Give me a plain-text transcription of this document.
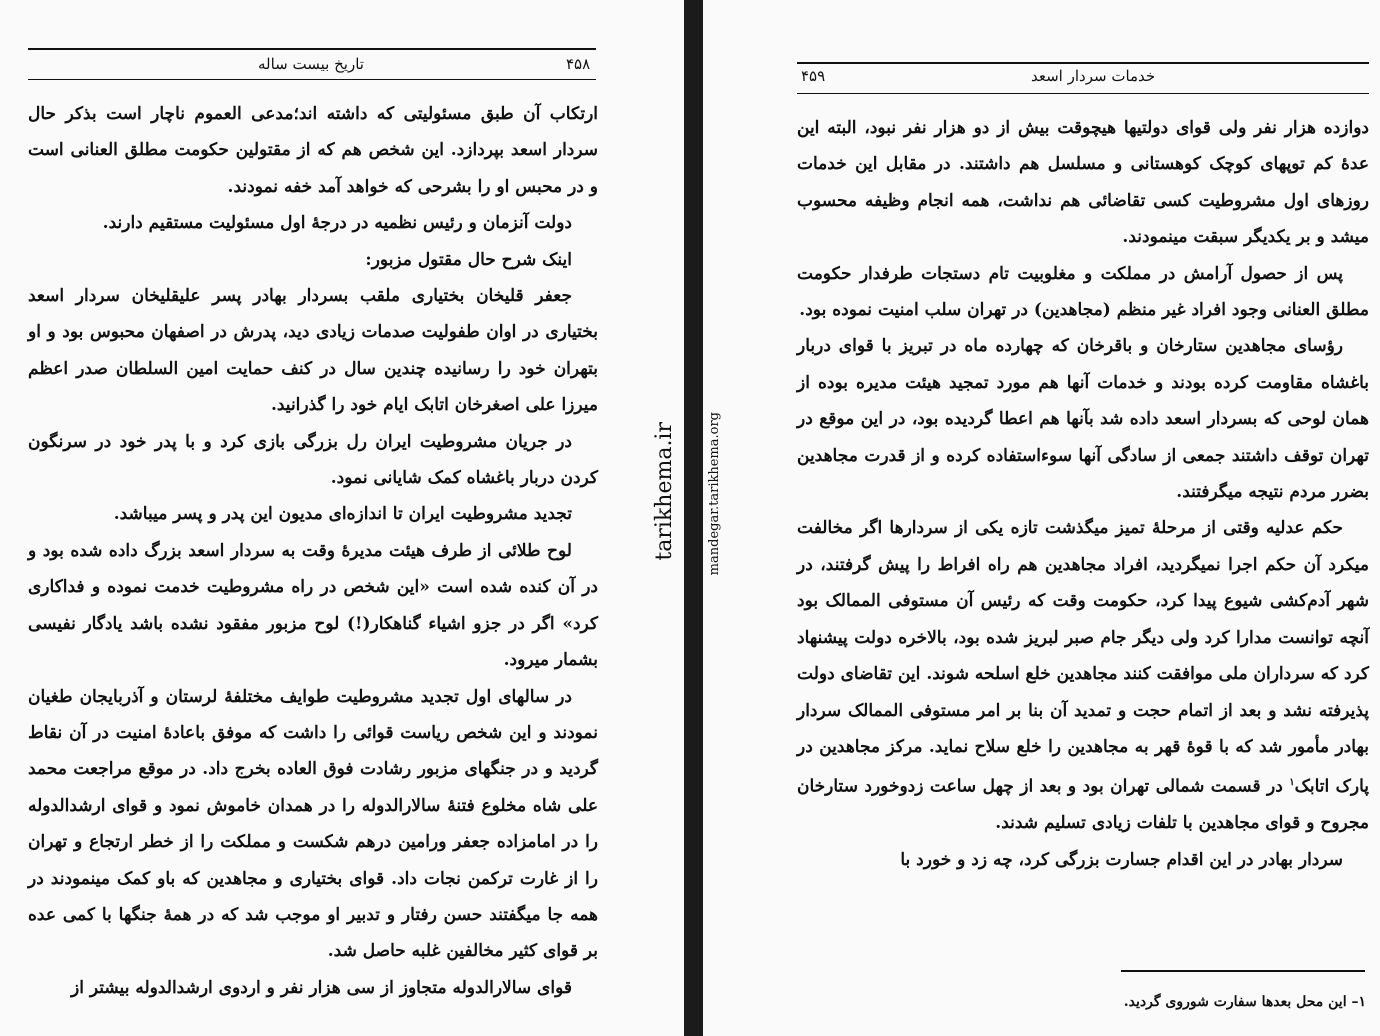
تاریخ بیست ساله	۴۵۸

ارتکاب آن طبق مسئولیتی که داشته اند؛مدعی العموم ناچار است بذکر حال سردار اسعد بپردازد. این شخص هم که از مقتولین حکومت مطلق العنانی است و در محبس او را بشرحی که خواهد آمد خفه نمودند.

دولت آنزمان و رئیس نظمیه در درجهٔ اول مسئولیت مستقیم دارند.

اینک شرح حال مقتول مزبور:

جعفر قلیخان بختیاری ملقب بسردار بهادر پسر علیقلیخان سردار اسعد بختیاری در اوان طفولیت صدمات زیادی دید، پدرش در اصفهان محبوس بود و او بتهران خود را رسانیده چندین سال در کنف حمایت امین السلطان صدر اعظم میرزا علی اصغرخان اتابک ایام خود را گذرانید.

در جریان مشروطیت ایران رل بزرگی بازی کرد و با پدر خود در سرنگون کردن دربار باغشاه کمک شایانی نمود.

تجدید مشروطیت ایران تا اندازه‌ای مدیون این پدر و پسر میباشد.

لوح طلائی از طرف هیئت مدیرهٔ وقت به سردار اسعد بزرگ داده شده بود و در آن کنده شده است «این شخص در راه مشروطیت خدمت نموده و فداکاری کرد» اگر در جزو اشیاء گناهکار(!) لوح مزبور مفقود نشده باشد یادگار نفیسی بشمار میرود.

در سالهای اول تجدید مشروطیت طوایف مختلفهٔ لرستان و آذربایجان طغیان نمودند و این شخص ریاست قوائی را داشت که موفق باعادهٔ امنیت در آن نقاط گردید و در جنگهای مزبور رشادت فوق العاده بخرج داد. در موقع مراجعت محمد علی شاه مخلوع فتنهٔ سالارالدوله را در همدان خاموش نمود و قوای ارشدالدوله را در امامزاده جعفر ورامین درهم شکست و مملکت را از خطر ارتجاع و تهران را از غارت ترکمن نجات داد. قوای بختیاری و مجاهدین که باو کمک مینمودند در همه جا میگفتند حسن رفتار و تدبیر او موجب شد که در همهٔ جنگها با کمی عده بر قوای کثیر مخالفین غلبه حاصل شد.

قوای سالارالدوله متجاوز از سی هزار نفر و اردوی ارشدالدوله بیشتر از

tarikhema.ir mandegar.tarikhema.org
۴۵۹	خدمات سردار اسعد

دوازده هزار نفر ولی قوای دولتیها هیچوقت بیش از دو هزار نفر نبود، البته این عدهٔ کم توپهای کوچک کوهستانی و مسلسل هم داشتند. در مقابل این خدمات روزهای اول مشروطیت کسی تقاضائی هم نداشت، همه انجام وظیفه محسوب میشد و بر یکدیگر سبقت مینمودند.

پس از حصول آرامش در مملکت و مغلوبیت تام دستجات طرفدار حکومت مطلق العنانی وجود افراد غیر منظم (مجاهدین) در تهران سلب امنیت نموده بود.

رؤسای مجاهدین ستارخان و باقرخان که چهارده ماه در تبریز با قوای دربار باغشاه مقاومت کرده بودند و خدمات آنها هم مورد تمجید هیئت مدیره بوده از همان لوحی که بسردار اسعد داده شد بآنها هم اعطا گردیده بود، در این موقع در تهران توقف داشتند جمعی از سادگی آنها سوءاستفاده کرده و از قدرت مجاهدین بضرر مردم نتیجه میگرفتند.

حکم عدلیه وقتی از مرحلهٔ تمیز میگذشت تازه یکی از سردارها اگر مخالفت میکرد آن حکم اجرا نمیگردید، افراد مجاهدین هم راه افراط را پیش گرفتند، در شهر آدم‌کشی شیوع پیدا کرد، حکومت وقت که رئیس آن مستوفی الممالک بود آنچه توانست مدارا کرد ولی دیگر جام صبر لبریز شده بود، بالاخره دولت پیشنهاد کرد که سرداران ملی موافقت کنند مجاهدین خلع اسلحه شوند. این تقاضای دولت پذیرفته نشد و بعد از اتمام حجت و تمدید آن بنا بر امر مستوفی الممالک سردار بهادر مأمور شد که با قوهٔ قهر به مجاهدین را خلع سلاح نماید. مرکز مجاهدین در پارک اتابک$^۱$ در قسمت شمالی تهران بود و بعد از چهل ساعت زدوخورد ستارخان مجروح و قوای مجاهدین با تلفات زیادی تسلیم شدند.

سردار بهادر در این اقدام جسارت بزرگی کرد، چه زد و خورد با

۱– این محل بعدها سفارت شوروی گردید.
